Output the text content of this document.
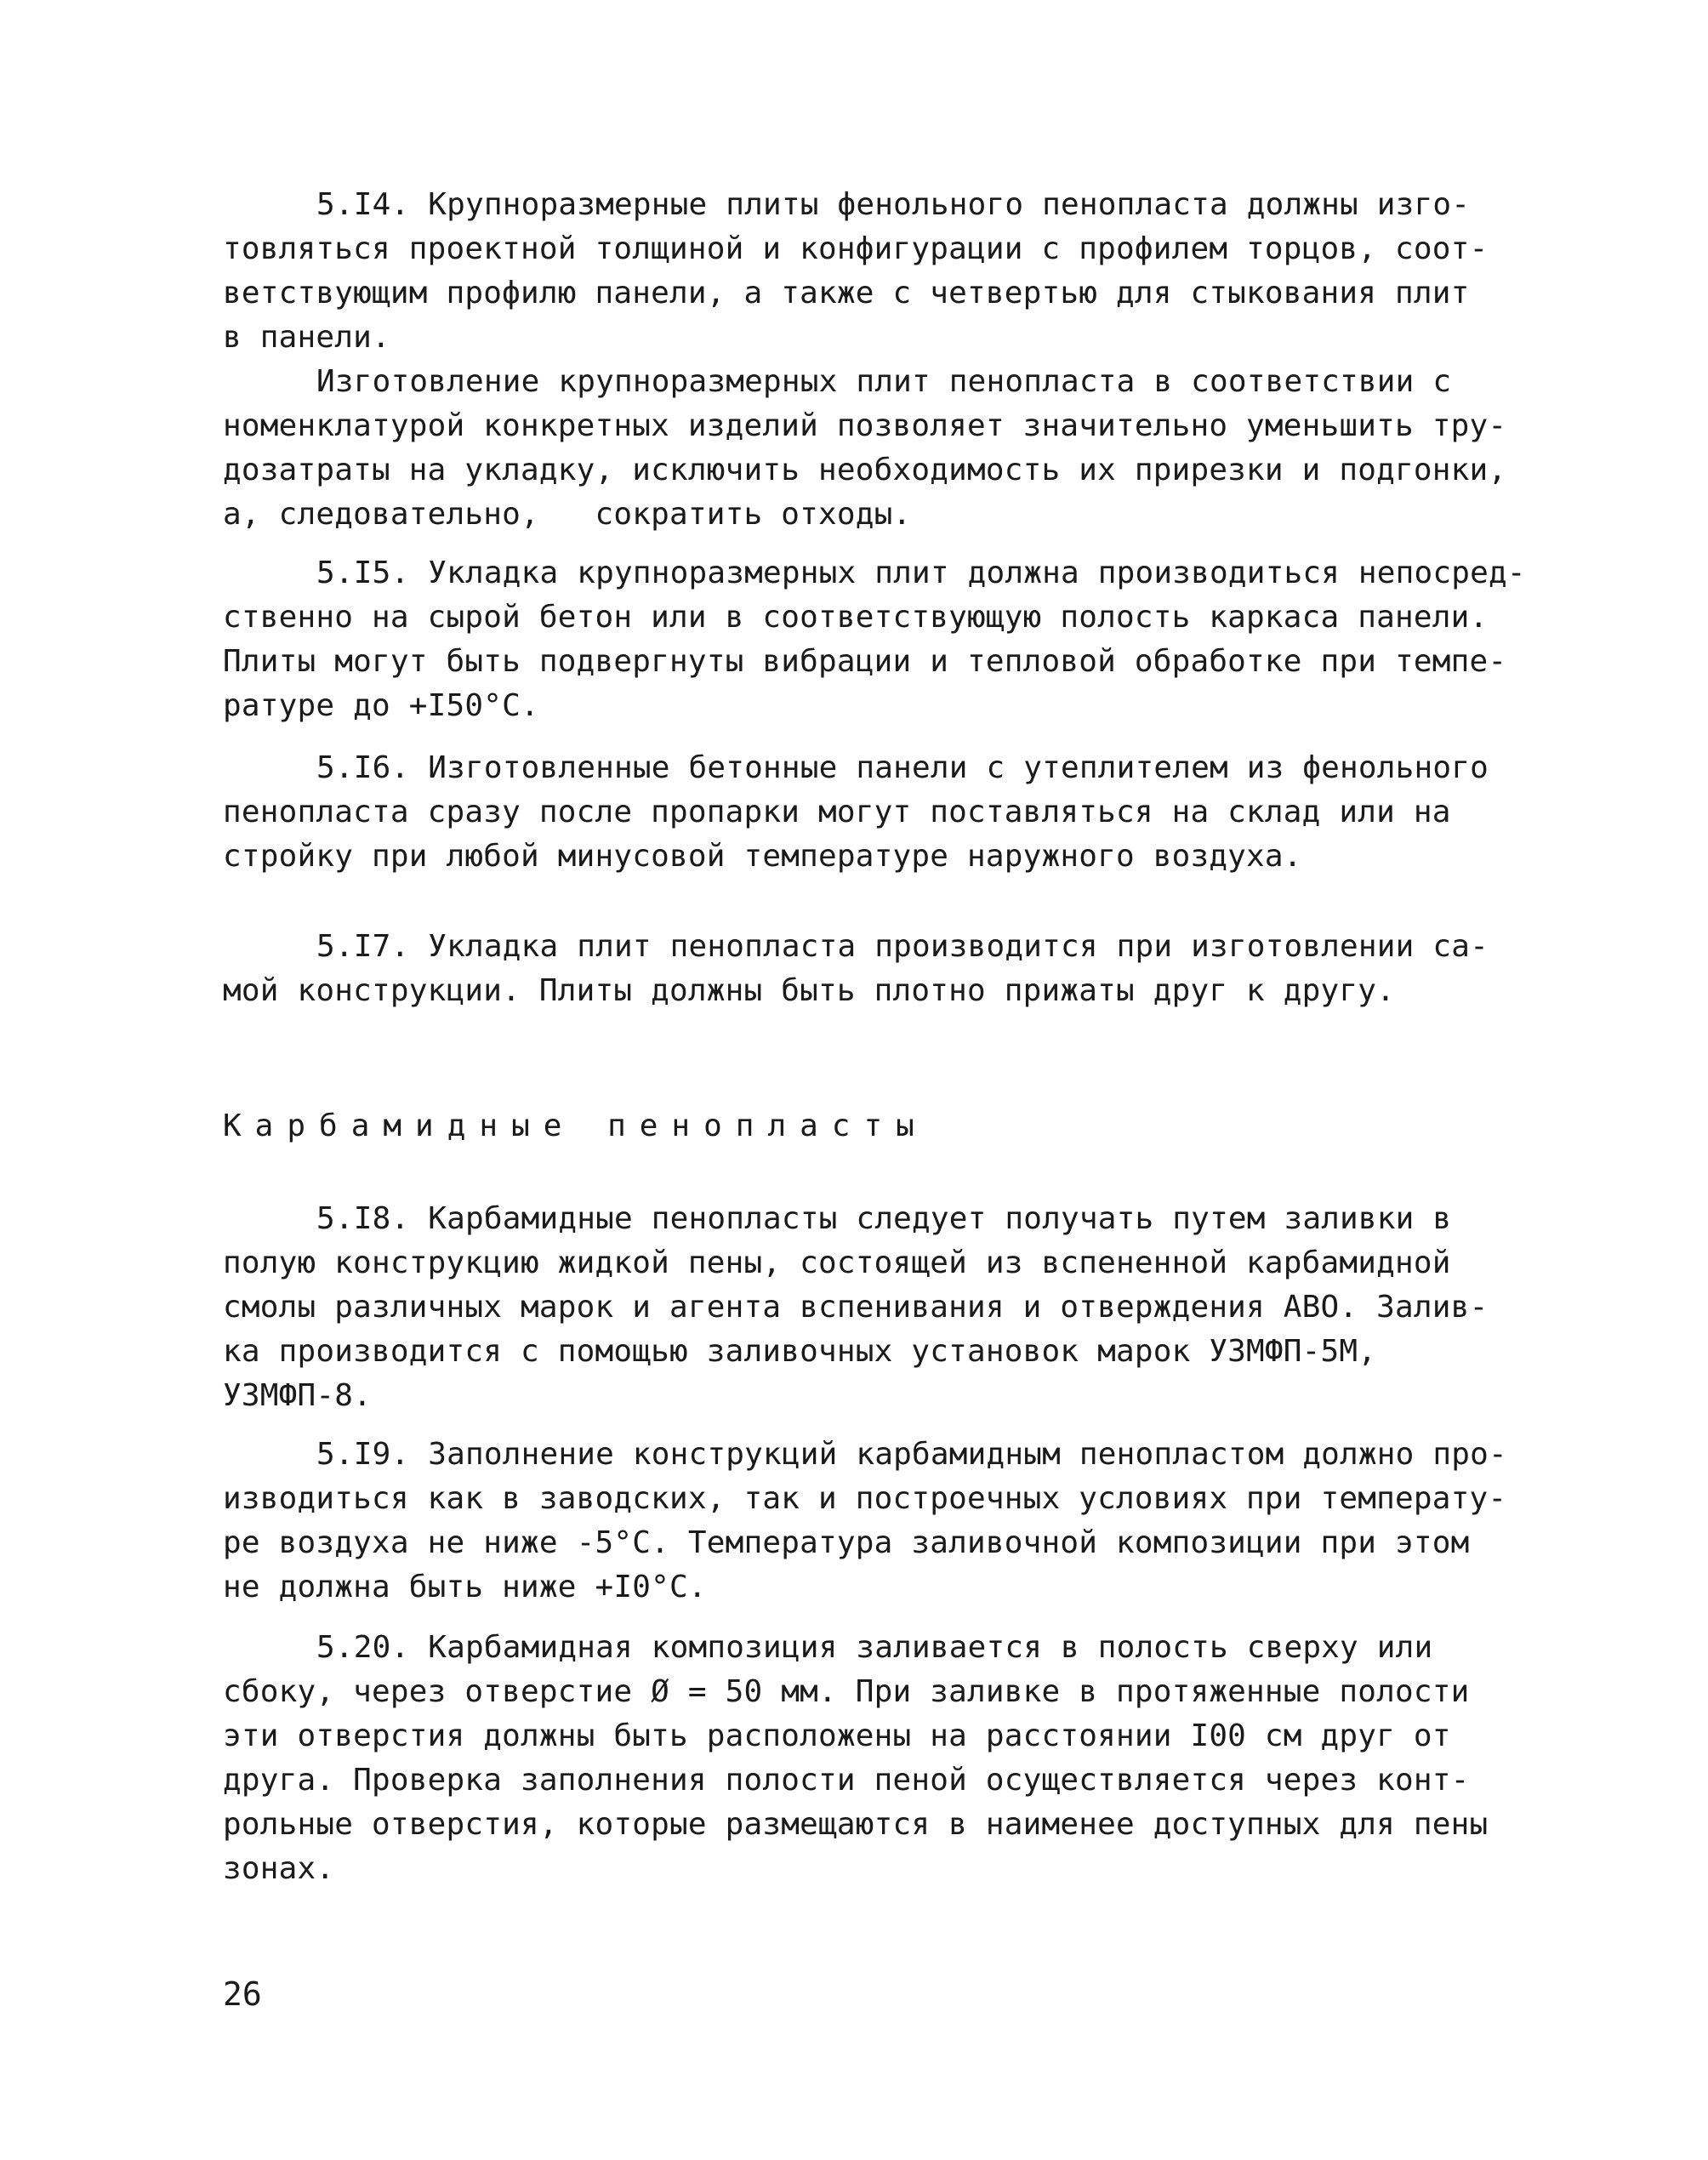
5.I4. Крупноразмерные плиты фенольного пенопласта должны изго-
товляться проектной толщиной и конфигурации с профилем торцов, соот-
ветствующим профилю панели, а также с четвертью для стыкования плит
в панели.
Изготовление крупноразмерных плит пенопласта в соответствии с
номенклатурой конкретных изделий позволяет значительно уменьшить тру-
дозатраты на укладку, исключить необходимость их прирезки и подгонки,
а, следовательно,   сократить отходы.
5.I5. Укладка крупноразмерных плит должна производиться непосред-
ственно на сырой бетон или в соответствующую полость каркаса панели.
Плиты могут быть подвергнуты вибрации и тепловой обработке при темпе-
ратуре до +I50°С.
5.I6. Изготовленные бетонные панели с утеплителем из фенольного
пенопласта сразу после пропарки могут поставляться на склад или на
стройку при любой минусовой температуре наружного воздуха.
5.I7. Укладка плит пенопласта производится при изготовлении са-
мой конструкции. Плиты должны быть плотно прижаты друг к другу.
Карбамидные пенопласты
5.I8. Карбамидные пенопласты следует получать путем заливки в
полую конструкцию жидкой пены, состоящей из вспененной карбамидной
смолы различных марок и агента вспенивания и отверждения АВО. Залив-
ка производится с помощью заливочных установок марок УЗМФП-5М,
УЗМФП-8.
5.I9. Заполнение конструкций карбамидным пенопластом должно про-
изводиться как в заводских, так и построечных условиях при температу-
ре воздуха не ниже -5°С. Температура заливочной композиции при этом
не должна быть ниже +I0°С.
5.20. Карбамидная композиция заливается в полость сверху или
сбоку, через отверстие Ø = 50 мм. При заливке в протяженные полости
эти отверстия должны быть расположены на расстоянии I00 см друг от
друга. Проверка заполнения полости пеной осуществляется через конт-
рольные отверстия, которые размещаются в наименее доступных для пены
зонах.
26
